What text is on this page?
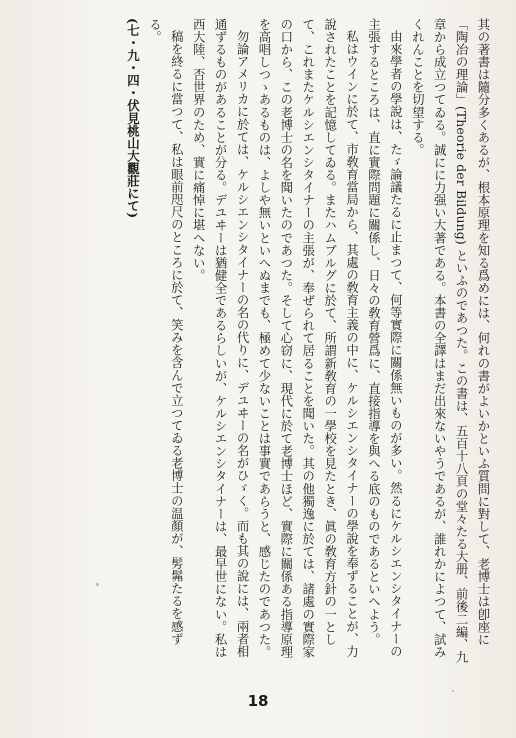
其の著書は隨分多くあるが、根本原理を知る爲めには、何れの書がよいかといふ質問に對して、老博士は卽座に「陶冶の理論」(Theorie der Bildung) といふのであつた。この書は、五百十八頁の堂々たる大册、前後二編、九章から成立つてゐる。誠にに力强い大著である。本書の全譯はまだ出來ないやうであるが、誰れかによつて、試みくれんことを切望する。

由來學者の學說は、たゞ論議たるに止まつて、何等實際に關係無いものが多い。然るにケルシエンシタイナーの主張するところは、直に實際問題に關係し、日々の敎育營爲に、直接指導を與へる底のものであるといへよう。

私はウインに於て、市敎育當局から、其處の敎育主義の中に、ケルシエンシタイナーの學說を奉ずることが、力說されたことを記憶してゐる。またハムブルグに於て、所謂新敎育の一學校を見たとき、眞の敎育方針の一として、これまたケルシエンシタイナーの主張が、奉ぜられて居ることを聞いた。其の他獨逸に於ては、諸處の實際家の口から、この老博士の名を聞いたのであつた。そして心窃に、現代に於て老博士ほど、實際に關係ある指導原理を高唱しつゝあるものは、よしや無いといへぬまでも、極めて少ないことは事實であらうと、感じたのであつた。

勿論アメリカに於ては、ケルシエンシタイナーの名の代りに、デユヰーの名がひゞく。而も其の說には、兩者相通ずるものがあることが分る。デユヰーは猶健全であるらしいが、ケルシエンシタイナーは、最早世にない。私は西大陸、否世界のため、實に痛悼に堪へない。

稿を終るに當つて、私は眼前咫尺のところに於て、笑みを含んで立つてゐる老博士の温顏が、髣髴たるを感ずる。

(七・九・四・伏見桃山大觀莊にて)

18
